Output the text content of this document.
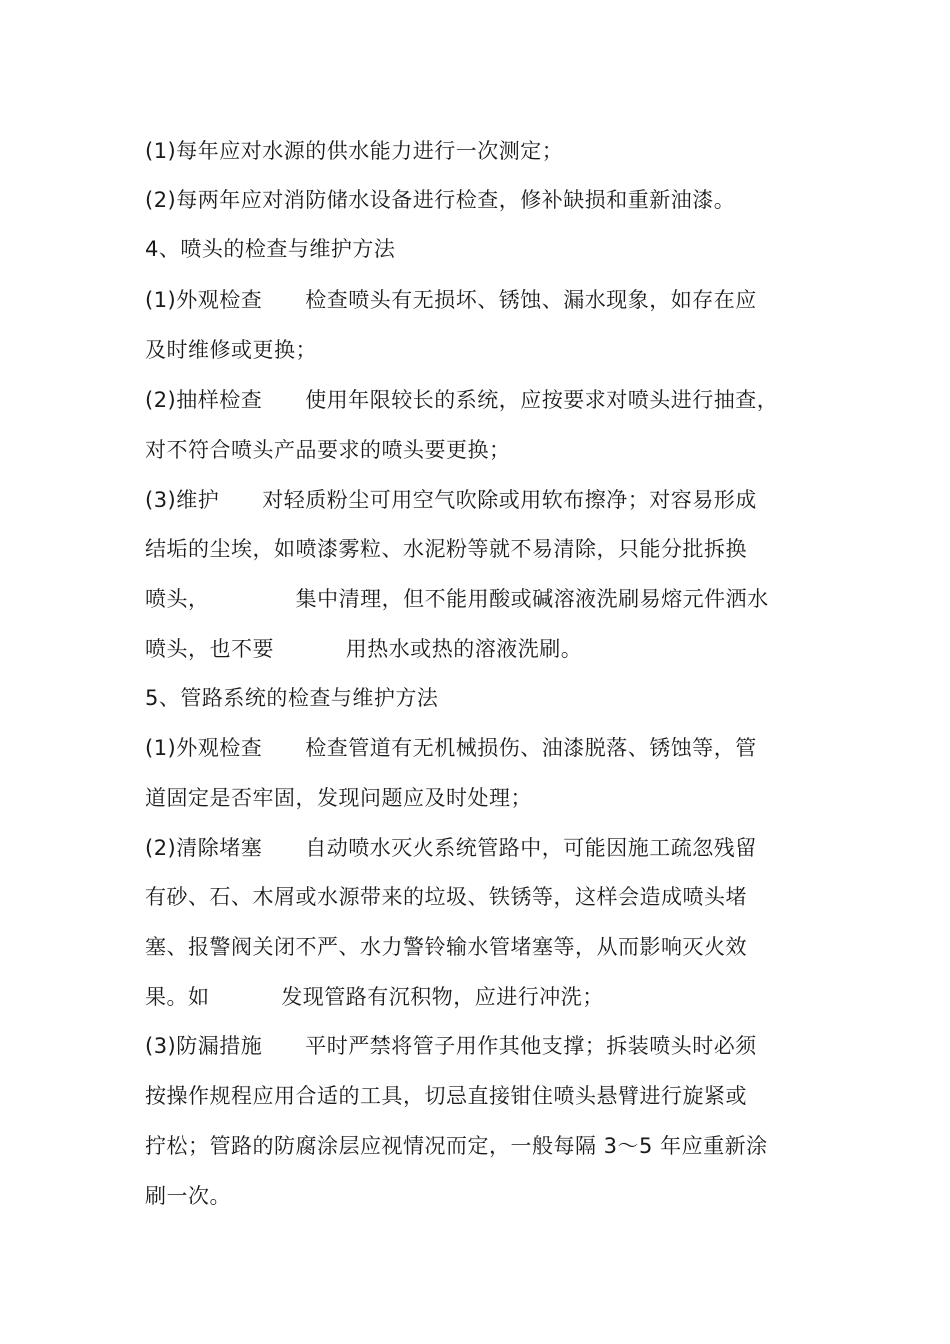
(1)每年应对水源的供水能力进行一次测定；
(2)每两年应对消防储水设备进行检查，修补缺损和重新油漆。
4、喷头的检查与维护方法
(1)外观检查      检查喷头有无损坏、锈蚀、漏水现象，如存在应
及时维修或更换；
(2)抽样检查      使用年限较长的系统，应按要求对喷头进行抽查，
对不符合喷头产品要求的喷头要更换；
(3)维护      对轻质粉尘可用空气吹除或用软布擦净；对容易形成
结垢的尘埃，如喷漆雾粒、水泥粉等就不易清除，只能分批拆换
喷头，            集中清理，但不能用酸或碱溶液洗刷易熔元件洒水
喷头，也不要          用热水或热的溶液洗刷。
5、管路系统的检查与维护方法
(1)外观检查      检查管道有无机械损伤、油漆脱落、锈蚀等，管
道固定是否牢固，发现问题应及时处理；
(2)清除堵塞      自动喷水灭火系统管路中，可能因施工疏忽残留
有砂、石、木屑或水源带来的垃圾、铁锈等，这样会造成喷头堵
塞、报警阀关闭不严、水力警铃输水管堵塞等，从而影响灭火效
果。如          发现管路有沉积物，应进行冲洗；
(3)防漏措施      平时严禁将管子用作其他支撑；拆装喷头时必须
按操作规程应用合适的工具，切忌直接钳住喷头悬臂进行旋紧或
拧松；管路的防腐涂层应视情况而定，一般每隔 3～5 年应重新涂
刷一次。
